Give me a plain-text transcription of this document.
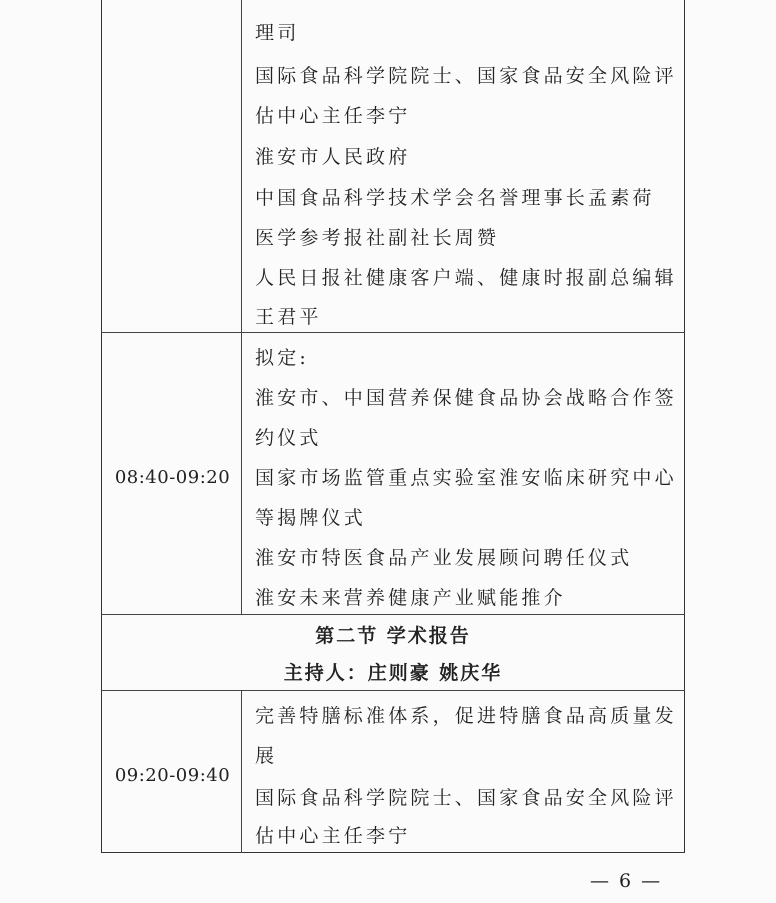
理司
国际食品科学院院士、国家食品安全风险评
估中心主任李宁
淮安市人民政府
中国食品科学技术学会名誉理事长孟素荷
医学参考报社副社长周赞
人民日报社健康客户端、健康时报副总编辑
王君平
08:40-09:20
拟定:
淮安市、中国营养保健食品协会战略合作签
约仪式
国家市场监管重点实验室淮安临床研究中心
等揭牌仪式
淮安市特医食品产业发展顾问聘任仪式
淮安未来营养健康产业赋能推介
第二节 学术报告
主持人：庄则豪 姚庆华
09:20-09:40
完善特膳标准体系，促进特膳食品高质量发
展
国际食品科学院院士、国家食品安全风险评
估中心主任李宁
— 6 —
